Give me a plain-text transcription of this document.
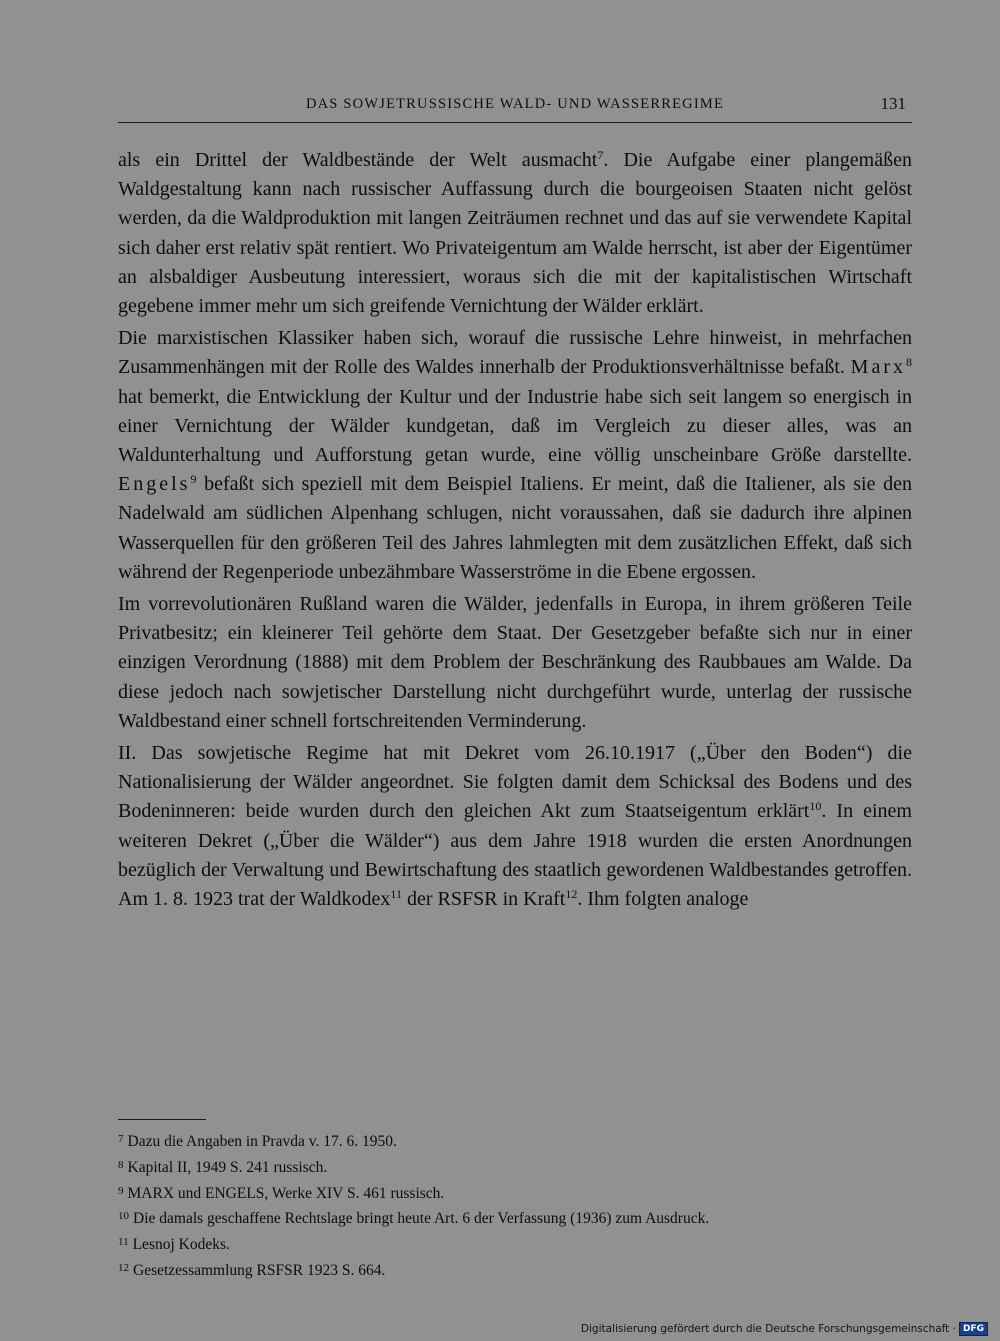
DAS SOWJETRUSSISCHE WALD- UND WASSERREGIME	131

als ein Drittel der Waldbestände der Welt ausmacht$^7$. Die Aufgabe einer plangemäßen Waldgestaltung kann nach russischer Auffassung durch die bourgeoisen Staaten nicht gelöst werden, da die Waldproduktion mit langen Zeiträumen rechnet und das auf sie verwendete Kapital sich daher erst relativ spät rentiert. Wo Privateigentum am Walde herrscht, ist aber der Eigentümer an alsbaldiger Ausbeutung interessiert, woraus sich die mit der kapitalistischen Wirtschaft gegebene immer mehr um sich greifende Vernichtung der Wälder erklärt.

Die marxistischen Klassiker haben sich, worauf die russische Lehre hinweist, in mehrfachen Zusammenhängen mit der Rolle des Waldes innerhalb der Produktionsverhältnisse befaßt. Marx$^8$ hat bemerkt, die Entwicklung der Kultur und der Industrie habe sich seit langem so energisch in einer Vernichtung der Wälder kundgetan, daß im Vergleich zu dieser alles, was an Waldunterhaltung und Aufforstung getan wurde, eine völlig unscheinbare Größe darstellte. Engels$^9$ befaßt sich speziell mit dem Beispiel Italiens. Er meint, daß die Italiener, als sie den Nadelwald am südlichen Alpenhang schlugen, nicht voraussahen, daß sie dadurch ihre alpinen Wasserquellen für den größeren Teil des Jahres lahmlegten mit dem zusätzlichen Effekt, daß sich während der Regenperiode unbezähmbare Wasserströme in die Ebene ergossen.

Im vorrevolutionären Rußland waren die Wälder, jedenfalls in Europa, in ihrem größeren Teile Privatbesitz; ein kleinerer Teil gehörte dem Staat. Der Gesetzgeber befaßte sich nur in einer einzigen Verordnung (1888) mit dem Problem der Beschränkung des Raubbaues am Walde. Da diese jedoch nach sowjetischer Darstellung nicht durchgeführt wurde, unterlag der russische Waldbestand einer schnell fortschreitenden Verminderung.

II. Das sowjetische Regime hat mit Dekret vom 26.10.1917 („Über den Boden“) die Nationalisierung der Wälder angeordnet. Sie folgten damit dem Schicksal des Bodens und des Bodeninneren: beide wurden durch den gleichen Akt zum Staatseigentum erklärt$^{10}$. In einem weiteren Dekret („Über die Wälder“) aus dem Jahre 1918 wurden die ersten Anordnungen bezüglich der Verwaltung und Bewirtschaftung des staatlich gewordenen Waldbestandes getroffen. Am 1. 8. 1923 trat der Waldkodex$^{11}$ der RSFSR in Kraft$^{12}$. Ihm folgten analoge

7 Dazu die Angaben in Pravda v. 17. 6. 1950.
8 Kapital II, 1949 S. 241 russisch.
9 MARX und ENGELS, Werke XIV S. 461 russisch.
10 Die damals geschaffene Rechtslage bringt heute Art. 6 der Verfassung (1936) zum Ausdruck.
11 Lesnoj Kodeks.
12 Gesetzessammlung RSFSR 1923 S. 664.
Digitalisierung gefördert durch die Deutsche Forschungsgemeinschaft · DFG
